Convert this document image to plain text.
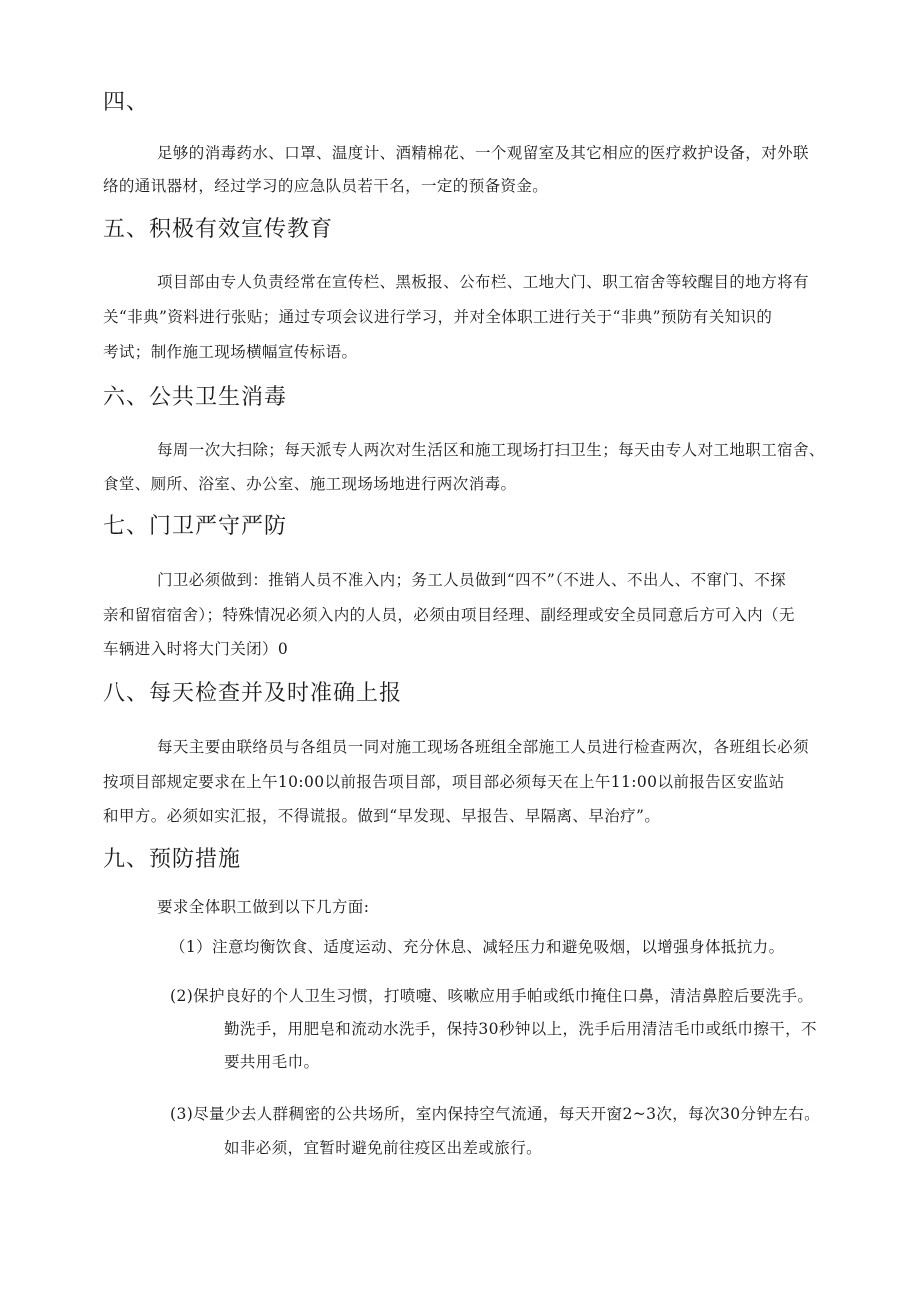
四、
足够的消毒药水、口罩、温度计、酒精棉花、一个观留室及其它相应的医疗救护设备，对外联
络的通讯器材，经过学习的应急队员若干名，一定的预备资金。
五、积极有效宣传教育
项目部由专人负责经常在宣传栏、黑板报、公布栏、工地大门、职工宿舍等较醒目的地方将有
关“非典”资料进行张贴；通过专项会议进行学习，并对全体职工进行关于“非典”预防有关知识的
考试；制作施工现场横幅宣传标语。
六、公共卫生消毒
每周一次大扫除；每天派专人两次对生活区和施工现场打扫卫生；每天由专人对工地职工宿舍、
食堂、厕所、浴室、办公室、施工现场场地进行两次消毒。
七、门卫严守严防
门卫必须做到：推销人员不准入内；务工人员做到“四不”（不进人、不出人、不窜门、不探
亲和留宿宿舍）；特殊情况必须入内的人员，必须由项目经理、副经理或安全员同意后方可入内（无
车辆进入时将大门关闭）0
八、每天检查并及时准确上报
每天主要由联络员与各组员一同对施工现场各班组全部施工人员进行检查两次，各班组长必须
按项目部规定要求在上午10:00以前报告项目部，项目部必须每天在上午11:00以前报告区安监站
和甲方。必须如实汇报，不得谎报。做到“早发现、早报告、早隔离、早治疗”。
九、预防措施
要求全体职工做到以下几方面:
（1）注意均衡饮食、适度运动、充分休息、减轻压力和避免吸烟，以增强身体抵抗力。
(2)保护良好的个人卫生习惯，打喷嚏、咳嗽应用手帕或纸巾掩住口鼻，清洁鼻腔后要洗手。
勤洗手，用肥皂和流动水洗手，保持30秒钟以上，洗手后用清洁毛巾或纸巾擦干，不
要共用毛巾。
(3)尽量少去人群稠密的公共场所，室内保持空气流通，每天开窗2~3次，每次30分钟左右。
如非必须，宜暂时避免前往疫区出差或旅行。
